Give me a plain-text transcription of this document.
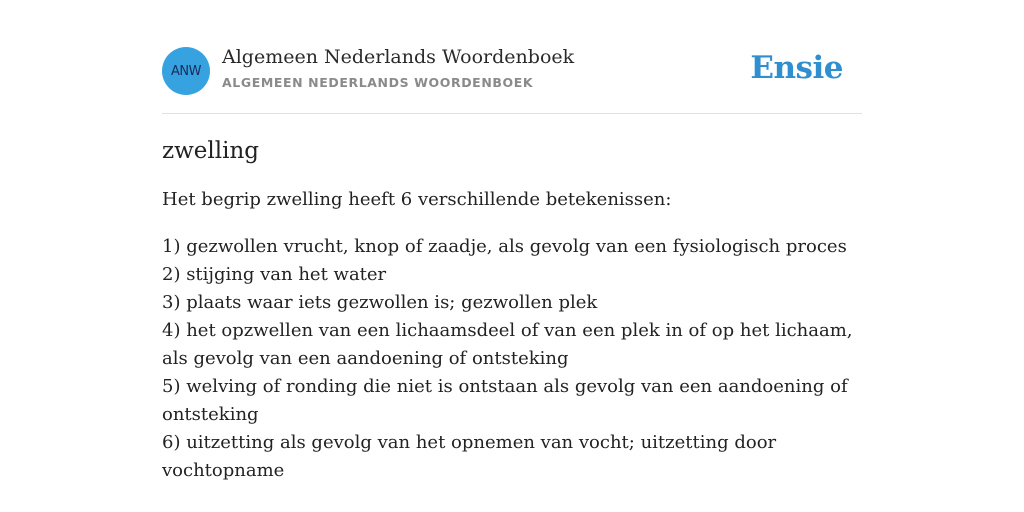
ANW
Algemeen Nederlands Woordenboek
ALGEMEEN NEDERLANDS WOORDENBOEK	Ensie
zwelling

Het begrip zwelling heeft 6 verschillende betekenissen:

1) gezwollen vrucht, knop of zaadje, als gevolg van een fysiologisch proces
2) stijging van het water
3) plaats waar iets gezwollen is; gezwollen plek
4) het opzwellen van een lichaamsdeel of van een plek in of op het lichaam, als gevolg van een aandoening of ontsteking
5) welving of ronding die niet is ontstaan als gevolg van een aandoening of ontsteking
6) uitzetting als gevolg van het opnemen van vocht; uitzetting door vochtopname
